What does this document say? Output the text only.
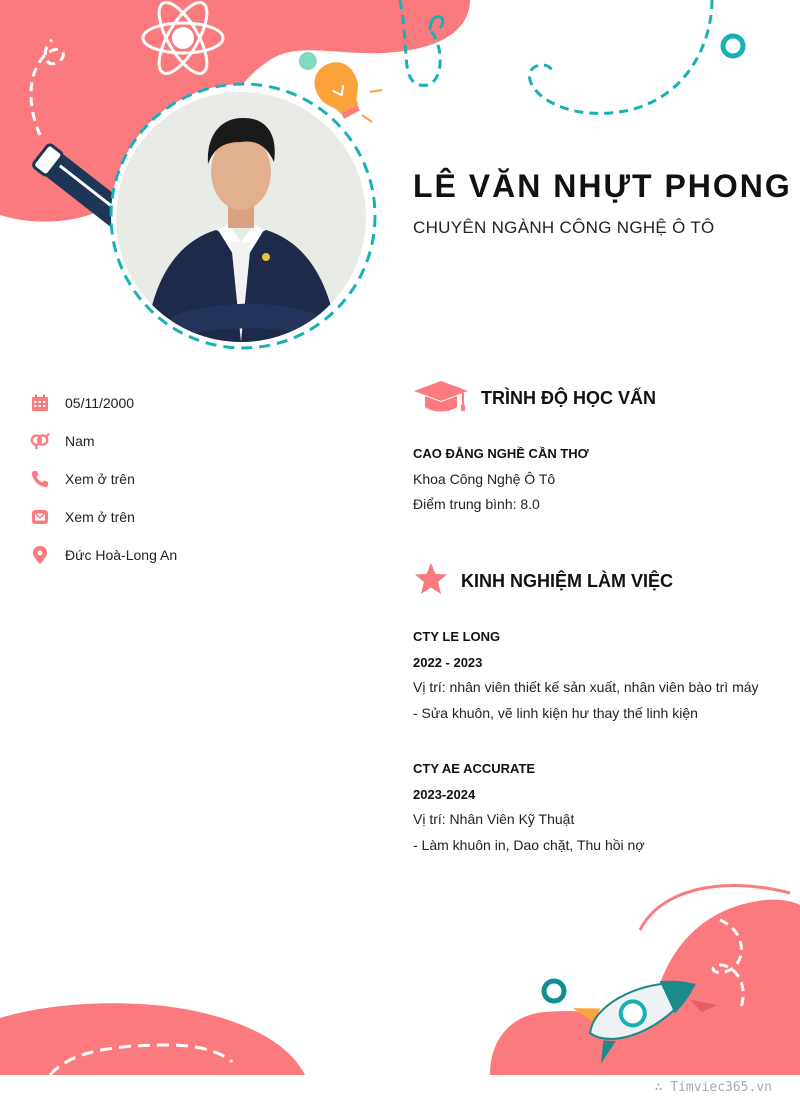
LÊ VĂN NHỰT PHONG
CHUYÊN NGÀNH CÔNG NGHỆ Ô TÔ
05/11/2000
Nam
Xem ở trên
Xem ở trên
Đức Hoà-Long An
TRÌNH ĐỘ HỌC VẤN
CAO ĐẲNG NGHỀ CẦN THƠ
Khoa Công Nghệ Ô Tô
Điểm trung bình: 8.0
KINH NGHIỆM LÀM VIỆC
CTY LE LONG
2022 - 2023
Vị trí: nhân viên thiết kế sản xuất, nhân viên bào trì máy
- Sửa khuôn, vẽ linh kiện hư thay thế linh kiện
CTY AE ACCURATE
2023-2024
Vị trí: Nhân Viên Kỹ Thuật
- Làm khuôn in, Dao chặt, Thu hồi nợ
∴ Timviec365.vn
